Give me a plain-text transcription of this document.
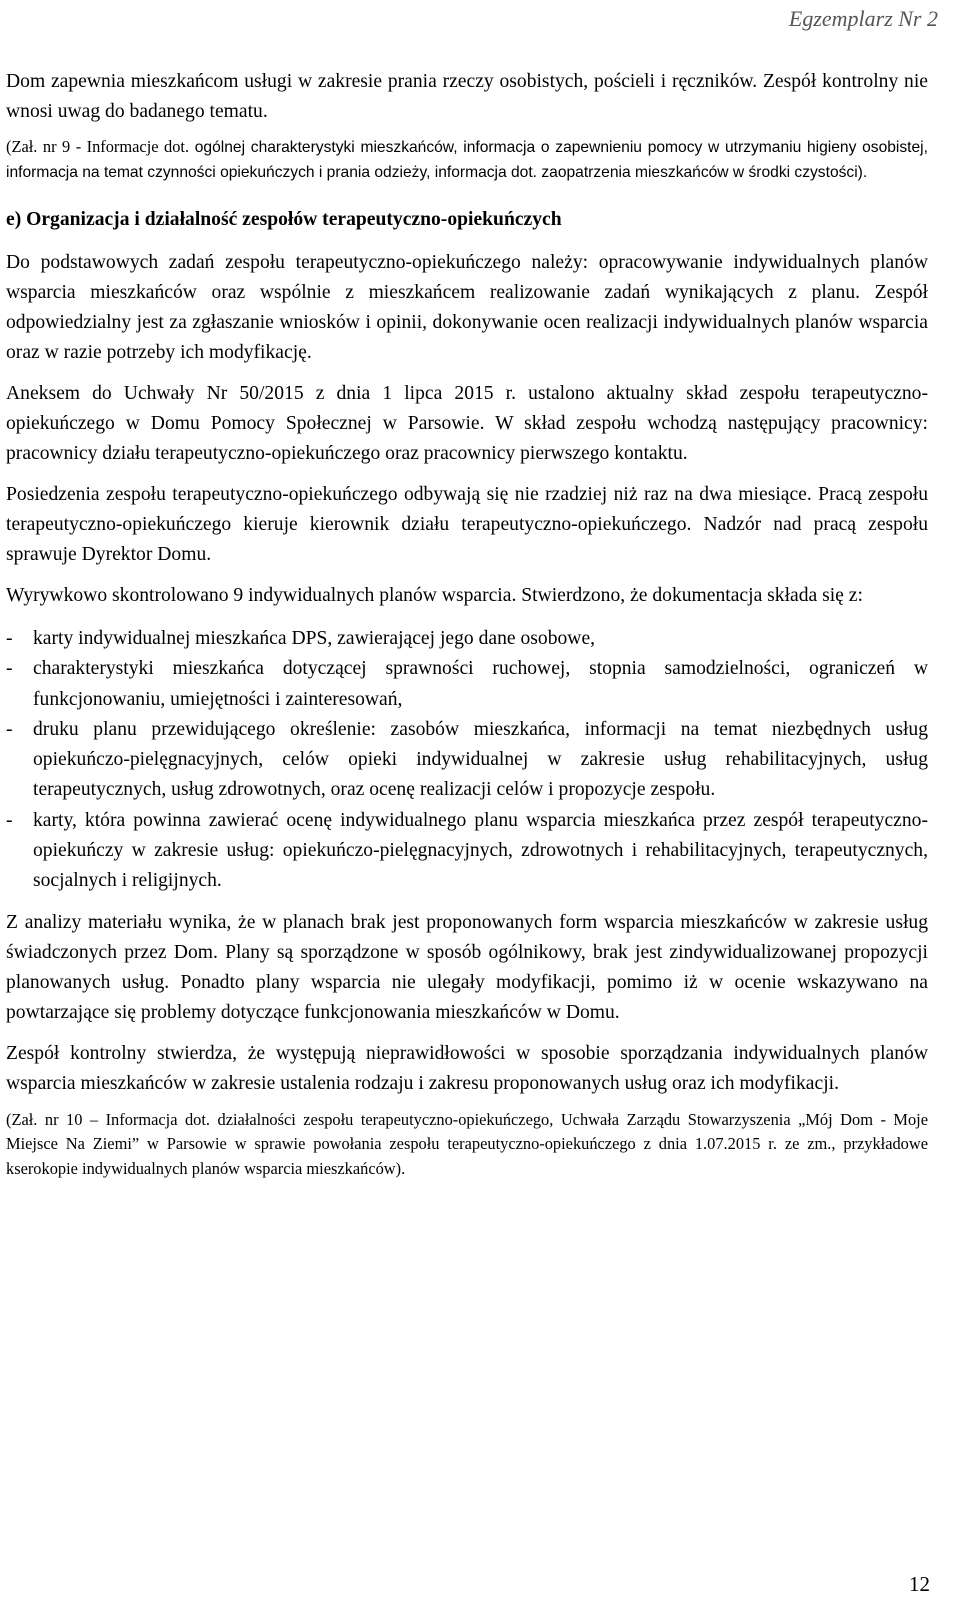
Egzemplarz Nr 2

Dom zapewnia mieszkańcom usługi w zakresie prania rzeczy osobistych, pościeli i ręczników. Zespół kontrolny nie wnosi uwag do badanego tematu.

(Zał. nr 9 - Informacje dot. ogólnej charakterystyki mieszkańców, informacja o zapewnieniu pomocy w utrzymaniu higieny osobistej, informacja na temat czynności opiekuńczych i prania odzieży, informacja dot. zaopatrzenia mieszkańców w środki czystości).

e) Organizacja i działalność zespołów terapeutyczno-opiekuńczych

Do podstawowych zadań zespołu terapeutyczno-opiekuńczego należy: opracowywanie indywidualnych planów wsparcia mieszkańców oraz wspólnie z mieszkańcem realizowanie zadań wynikających z planu. Zespół odpowiedzialny jest za zgłaszanie wniosków i opinii, dokonywanie ocen realizacji indywidualnych planów wsparcia oraz w razie potrzeby ich modyfikację.

Aneksem do Uchwały Nr 50/2015 z dnia 1 lipca 2015 r. ustalono aktualny skład zespołu terapeutyczno-opiekuńczego w Domu Pomocy Społecznej w Parsowie. W skład zespołu wchodzą następujący pracownicy: pracownicy działu terapeutyczno-opiekuńczego oraz pracownicy pierwszego kontaktu.

Posiedzenia zespołu terapeutyczno-opiekuńczego odbywają się nie rzadziej niż raz na dwa miesiące. Pracą zespołu terapeutyczno-opiekuńczego kieruje kierownik działu terapeutyczno-opiekuńczego. Nadzór nad pracą zespołu sprawuje Dyrektor Domu.

Wyrywkowo skontrolowano 9 indywidualnych planów wsparcia. Stwierdzono, że dokumentacja składa się z:

- karty indywidualnej mieszkańca DPS, zawierającej jego dane osobowe,
- charakterystyki mieszkańca dotyczącej sprawności ruchowej, stopnia samodzielności, ograniczeń w funkcjonowaniu, umiejętności i zainteresowań,
- druku planu przewidującego określenie: zasobów mieszkańca, informacji na temat niezbędnych usług opiekuńczo-pielęgnacyjnych, celów opieki indywidualnej w zakresie usług rehabilitacyjnych, usług terapeutycznych, usług zdrowotnych, oraz ocenę realizacji celów i propozycje zespołu.
- karty, która powinna zawierać ocenę indywidualnego planu wsparcia mieszkańca przez zespół terapeutyczno-opiekuńczy w zakresie usług: opiekuńczo-pielęgnacyjnych, zdrowotnych i rehabilitacyjnych, terapeutycznych, socjalnych i religijnych.

Z analizy materiału wynika, że w planach brak jest proponowanych form wsparcia mieszkańców w zakresie usług świadczonych przez Dom. Plany są sporządzone w sposób ogólnikowy, brak jest zindywidualizowanej propozycji planowanych usług. Ponadto plany wsparcia nie ulegały modyfikacji, pomimo iż w ocenie wskazywano na powtarzające się problemy dotyczące funkcjonowania mieszkańców w Domu.

Zespół kontrolny stwierdza, że występują nieprawidłowości w sposobie sporządzania indywidualnych planów wsparcia mieszkańców w zakresie ustalenia rodzaju i zakresu proponowanych usług oraz ich modyfikacji.

(Zał. nr 10 – Informacja dot. działalności zespołu terapeutyczno-opiekuńczego, Uchwała Zarządu Stowarzyszenia „Mój Dom - Moje Miejsce Na Ziemi” w Parsowie w sprawie powołania zespołu terapeutyczno-opiekuńczego z dnia 1.07.2015 r. ze zm., przykładowe kserokopie indywidualnych planów wsparcia mieszkańców).

12
